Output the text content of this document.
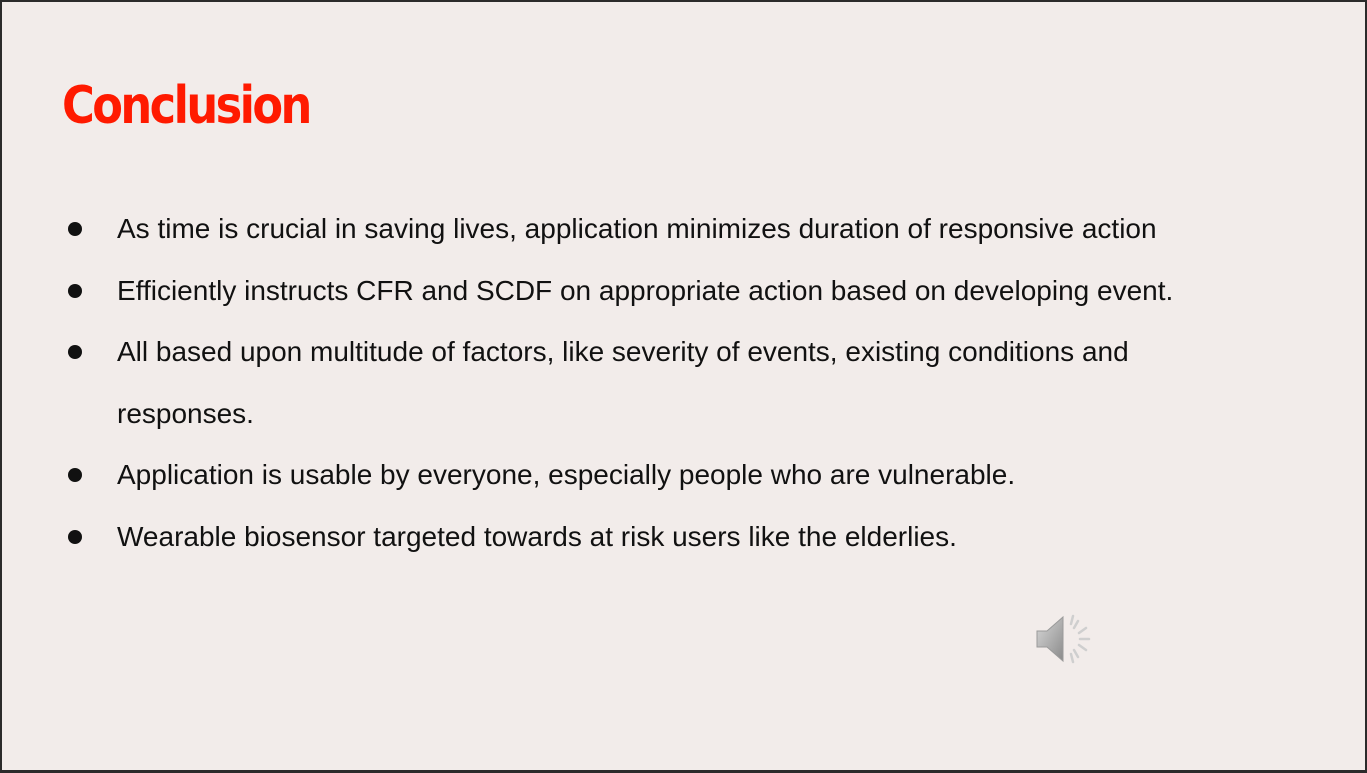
Conclusion
As time is crucial in saving lives, application minimizes duration of responsive action
Efficiently instructs CFR and SCDF on appropriate action based on developing event.
All based upon multitude of factors, like severity of events, existing conditions and responses.
Application is usable by everyone, especially people who are vulnerable.
Wearable biosensor targeted towards at risk users like the elderlies.
